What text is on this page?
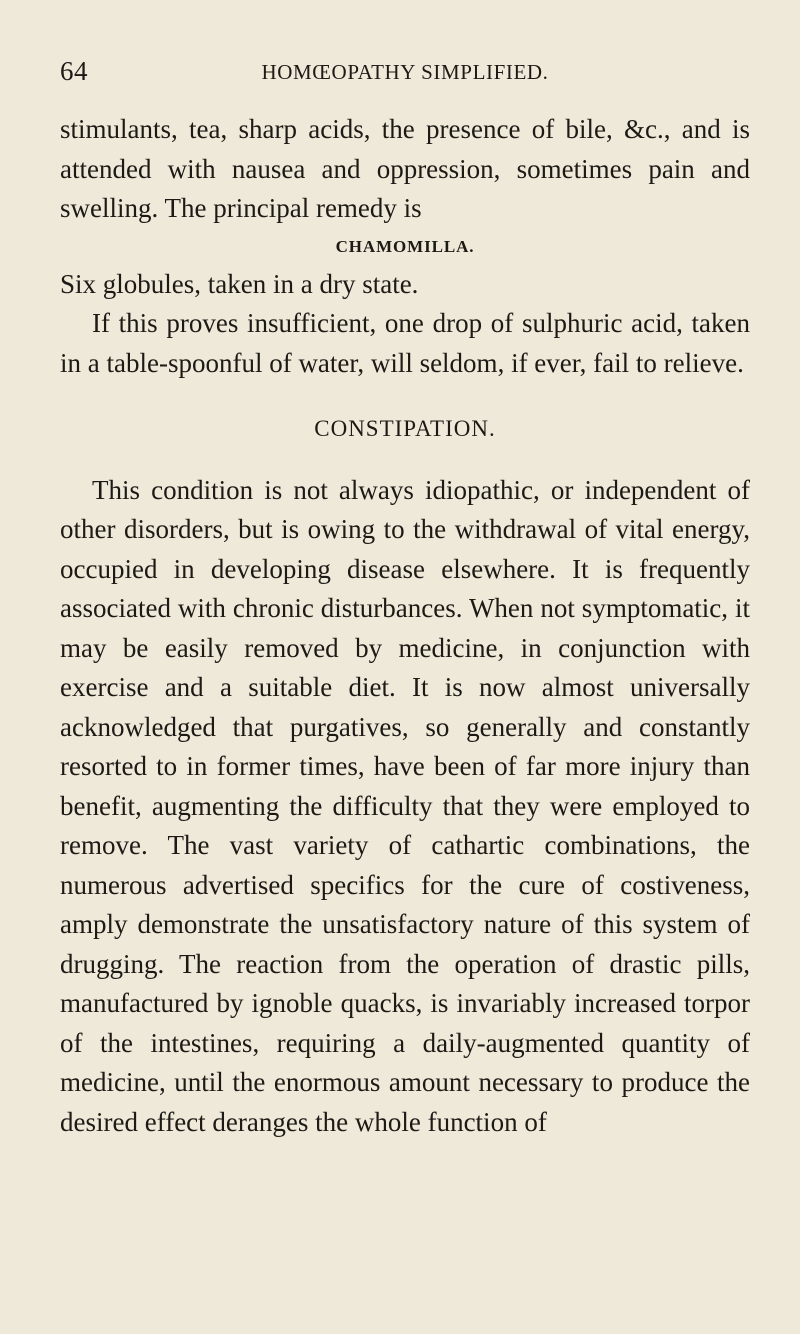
64	HOMŒOPATHY SIMPLIFIED.

stimulants, tea, sharp acids, the presence of bile, &c., and is attended with nausea and oppression, sometimes pain and swelling. The principal remedy is

CHAMOMILLA.

Six globules, taken in a dry state.

If this proves insufficient, one drop of sulphuric acid, taken in a table-spoonful of water, will seldom, if ever, fail to relieve.

CONSTIPATION.

This condition is not always idiopathic, or independent of other disorders, but is owing to the withdrawal of vital energy, occupied in developing disease elsewhere. It is frequently associated with chronic disturbances. When not symptomatic, it may be easily removed by medicine, in conjunction with exercise and a suitable diet. It is now almost universally acknowledged that purgatives, so generally and constantly resorted to in former times, have been of far more injury than benefit, augmenting the difficulty that they were employed to remove. The vast variety of cathartic combinations, the numerous advertised specifics for the cure of costiveness, amply demonstrate the unsatisfactory nature of this system of drugging. The reaction from the operation of drastic pills, manufactured by ignoble quacks, is invariably increased torpor of the intestines, requiring a daily-augmented quantity of medicine, until the enormous amount necessary to produce the desired effect deranges the whole function of
